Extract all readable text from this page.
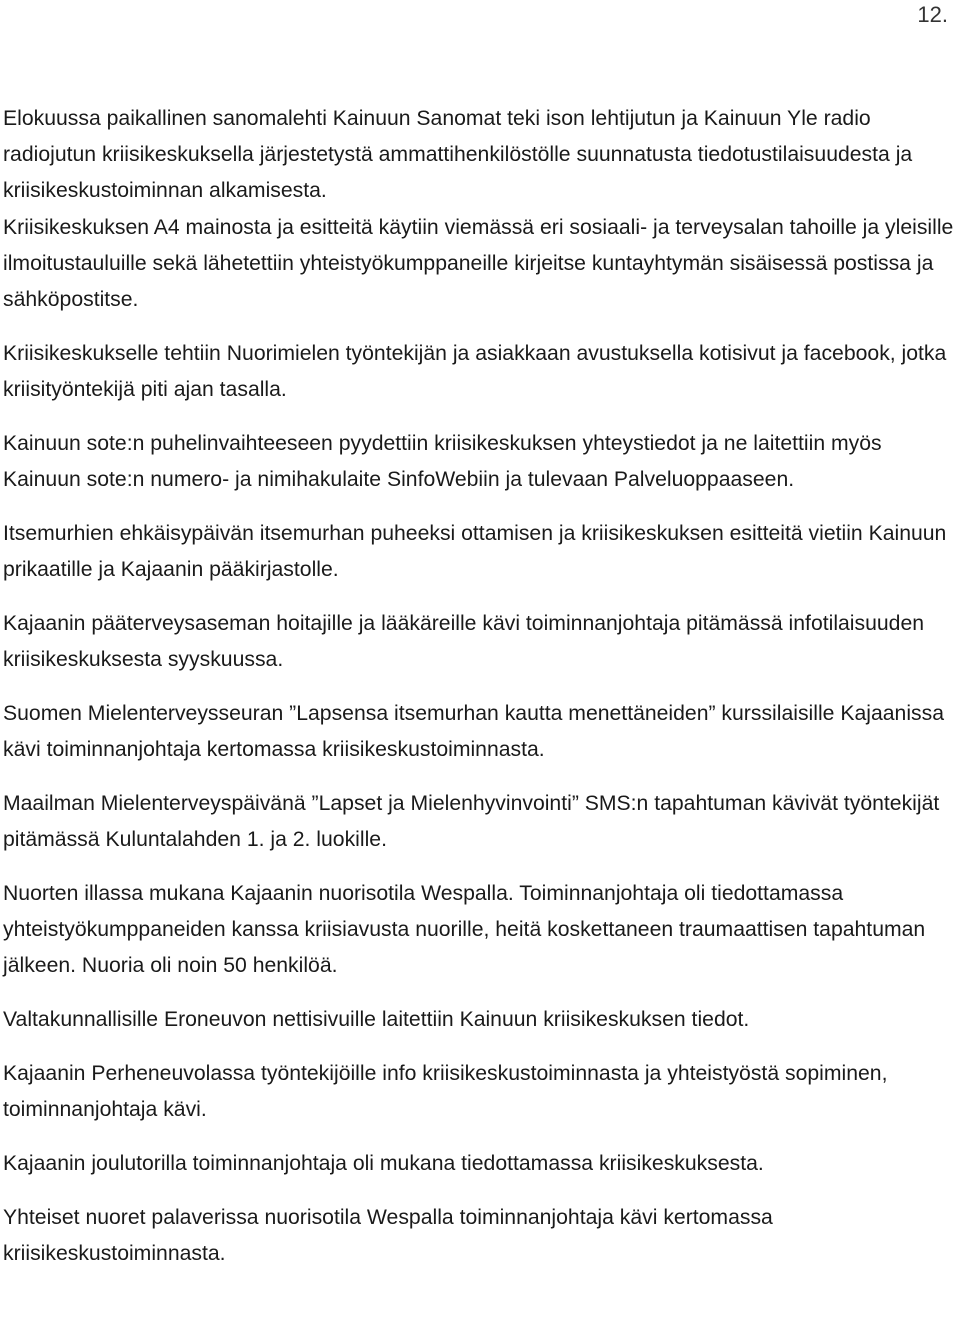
12.

Elokuussa paikallinen sanomalehti Kainuun Sanomat teki ison lehtijutun ja Kainuun Yle radio radiojutun kriisikeskuksella järjestetystä ammattihenkilöstölle suunnatusta tiedotustilaisuudesta ja kriisikeskustoiminnan alkamisesta.

Kriisikeskuksen A4 mainosta ja esitteitä käytiin viemässä eri sosiaali- ja terveysalan tahoille ja yleisille ilmoitustauluille sekä lähetettiin yhteistyökumppaneille kirjeitse kuntayhtymän sisäisessä postissa ja sähköpostitse.

Kriisikeskukselle tehtiin Nuorimielen työntekijän ja asiakkaan avustuksella kotisivut ja facebook, jotka kriisityöntekijä piti ajan tasalla.

Kainuun sote:n puhelinvaihteeseen pyydettiin kriisikeskuksen yhteystiedot ja ne laitettiin myös Kainuun sote:n numero- ja nimihakulaite SinfoWebiin ja tulevaan Palveluoppaaseen.

Itsemurhien ehkäisypäivän itsemurhan puheeksi ottamisen ja kriisikeskuksen esitteitä vietiin Kainuun prikaatille ja Kajaanin pääkirjastolle.

Kajaanin pääterveysaseman hoitajille ja lääkäreille kävi toiminnanjohtaja pitämässä infotilaisuuden kriisikeskuksesta syyskuussa.

Suomen Mielenterveysseuran ”Lapsensa itsemurhan kautta menettäneiden” kurssilaisille Kajaanissa kävi toiminnanjohtaja kertomassa kriisikeskustoiminnasta.

Maailman Mielenterveyspäivänä ”Lapset ja Mielenhyvinvointi” SMS:n tapahtuman kävivät työntekijät pitämässä Kuluntalahden 1. ja 2. luokille.

Nuorten illassa mukana Kajaanin nuorisotila Wespalla. Toiminnanjohtaja oli tiedottamassa yhteistyökumppaneiden kanssa kriisiavusta nuorille, heitä koskettaneen traumaattisen tapahtuman jälkeen. Nuoria oli noin 50 henkilöä.

Valtakunnallisille Eroneuvon nettisivuille laitettiin Kainuun kriisikeskuksen tiedot.

Kajaanin Perheneuvolassa työntekijöille info kriisikeskustoiminnasta ja yhteistyöstä sopiminen, toiminnanjohtaja kävi.

Kajaanin joulutorilla toiminnanjohtaja oli mukana tiedottamassa kriisikeskuksesta.

Yhteiset nuoret palaverissa nuorisotila Wespalla toiminnanjohtaja kävi kertomassa kriisikeskustoiminnasta.
